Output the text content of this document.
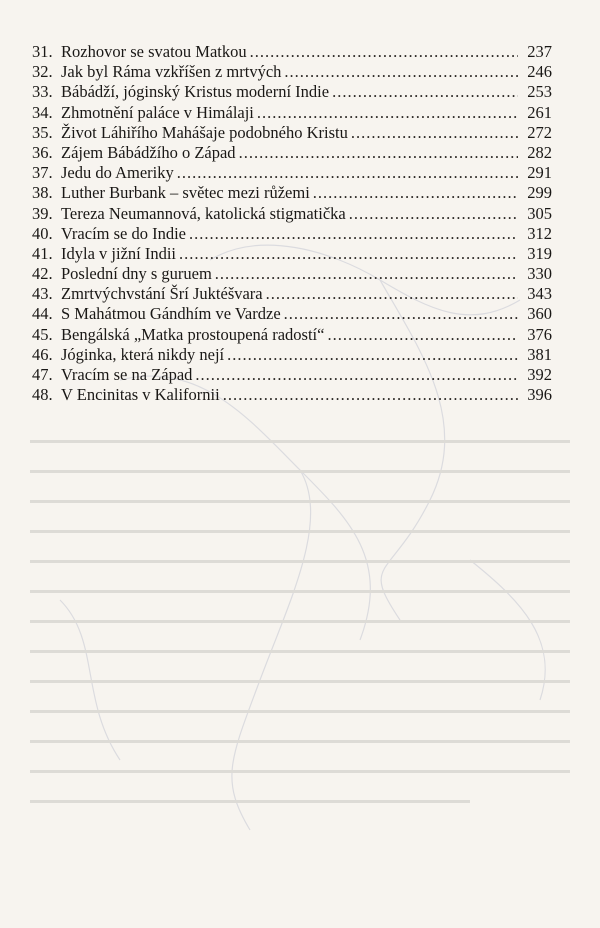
31. Rozhovor se svatou Matkou .....	237
32. Jak byl Ráma vzkříšen z mrtvých .....	246
33. Bábádží, jóginský Kristus moderní Indie .....	253
34. Zhmotnění paláce v Himálaji .....	261
35. Život Láhiřího Mahášaje podobného Kristu .....	272
36. Zájem Bábádžího o Západ .....	282
37. Jedu do Ameriky .....	291
38. Luther Burbank – světec mezi růžemi .....	299
39. Tereza Neumannová, katolická stigmatička .....	305
40. Vracím se do Indie .....	312
41. Idyla v jižní Indii .....	319
42. Poslední dny s guruem .....	330
43. Zmrtvýchvstání Šrí Juktéšvara .....	343
44. S Mahátmou Gándhím ve Vardze .....	360
45. Bengálská „Matka prostoupená radostí“ .....	376
46. Jóginka, která nikdy nejí .....	381
47. Vracím se na Západ .....	392
48. V Encinitas v Kalifornii .....	396
